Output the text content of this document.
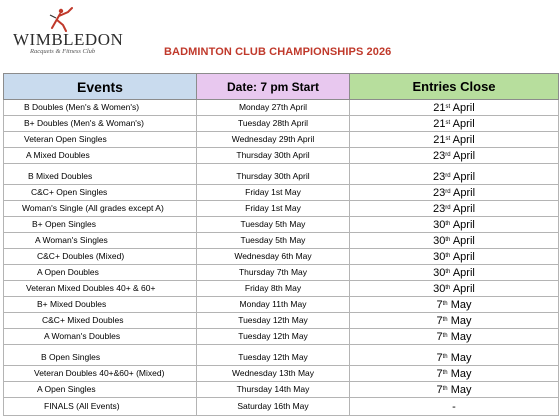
WIMBLEDON
Racquets & Fitness Club	BADMINTON CLUB CHAMPIONSHIPS 2026
Events	Date: 7 pm Start	Entries Close
B Doubles (Men's & Women's)	Monday 27th April	21st April
B+ Doubles (Men's & Woman's)	Tuesday 28th April	21st April
Veteran Open Singles	Wednesday 29th April	21st April
A Mixed Doubles	Thursday 30th April	23rd April
B Mixed Doubles	Thursday 30th April	23rd April
C&C+ Open Singles	Friday 1st May	23rd April
Woman's Single (All grades except A)	Friday 1st May	23rd April
B+ Open Singles	Tuesday 5th May	30th April
A Woman's Singles	Tuesday 5th May	30th April
C&C+ Doubles (Mixed)	Wednesday 6th May	30th April
A Open Doubles	Thursday 7th May	30th April
Veteran Mixed Doubles 40+ & 60+	Friday 8th May	30th April
B+ Mixed Doubles	Monday 11th May	7th May
C&C+ Mixed Doubles	Tuesday 12th May	7th May
A Woman's Doubles	Tuesday 12th May	7th May
B Open Singles	Tuesday 12th May	7th May
Veteran Doubles 40+&60+ (Mixed)	Wednesday 13th May	7th May
A Open Singles	Thursday 14th May	7th May
FINALS (All Events)	Saturday 16th May	-
